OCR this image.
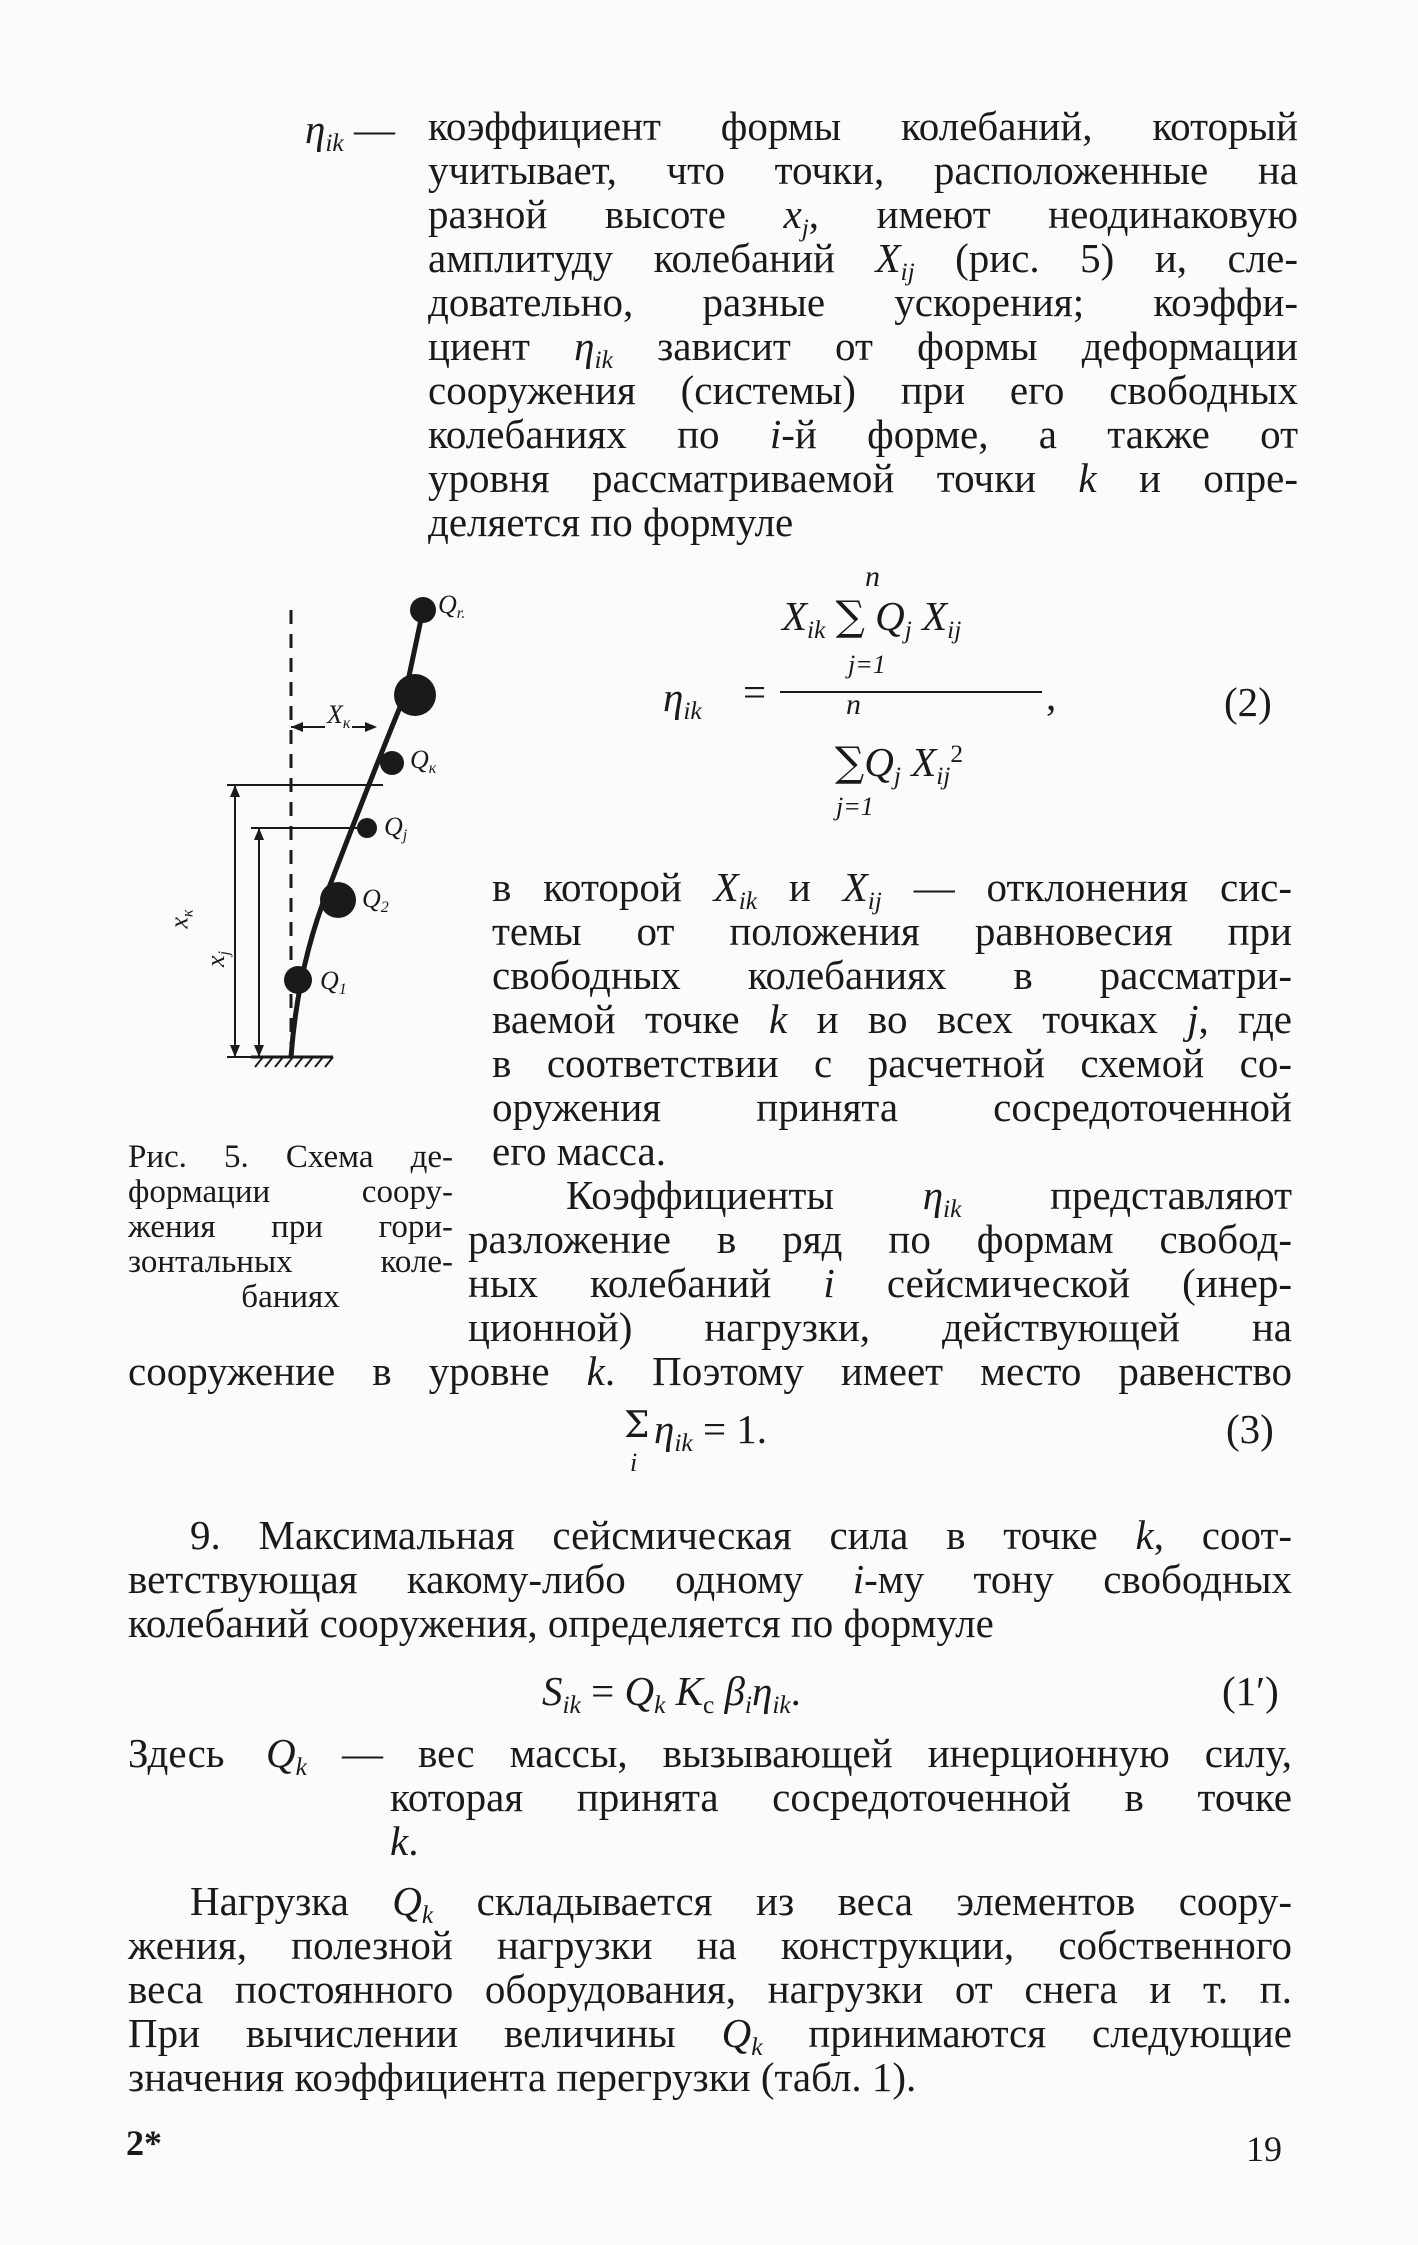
$\eta_{ik}$ — коэффициент формы колебаний, который
учитывает, что точки, расположенные на
разной высоте $x_j$, имеют неодинаковую
амплитуду колебаний $X_{ij}$ (рис. 5) и, сле-
довательно, разные ускорения; коэффи-
циент $\eta_{ik}$ зависит от формы деформации
сооружения (системы) при его свободных
колебаниях по i-й форме, а также от
уровня рассматриваемой точки k и опре-
деляется по формуле
$\eta_{ik}$ =
n
$X_{ik}$ ∑ $Q_j$ $X_{ij}$
j=1
n
$\sum Q_j$ $X_{ij}^2$
j=1
,	(2)
$Q_{r.}$
$X_к$
$Q_к$
$Q_j$
$Q_2$
$Q_1$
$x_к$
$x_j$
Рис. 5. Схема де-
формации соору-
жения при гори-
зонтальных коле-
баниях
в которой $X_{ik}$ и $X_{ij}$ — отклонения сис-
темы от положения равновесия при
свободных колебаниях в рассматри-
ваемой точке k и во всех точках j, где
в соответствии с расчетной схемой со-
оружения принята сосредоточенной
его масса.
Коэффициенты $\eta_{ik}$ представляют
разложение в ряд по формам свобод-
ных колебаний i сейсмической (инер-
ционной) нагрузки, действующей на
сооружение в уровне k. Поэтому имеет место равенство
Σ
i
$\eta_{ik} = 1$.	(3)
9. Максимальная сейсмическая сила в точке k, соот-
ветствующая какому-либо одному i-му тону свободных
колебаний сооружения, определяется по формуле
$S_{ik} = Q_k$ $K_c$ $\beta_i\eta_{ik}$.	(1′)
Здесь $Q_k$ — вес массы, вызывающей инерционную силу,
которая принята сосредоточенной в точке
k.
Нагрузка $Q_k$ складывается из веса элементов соору-
жения, полезной нагрузки на конструкции, собственного
веса постоянного оборудования, нагрузки от снега и т. п.
При вычислении величины $Q_k$ принимаются следующие
значения коэффициента перегрузки (табл. 1).
2*	19
